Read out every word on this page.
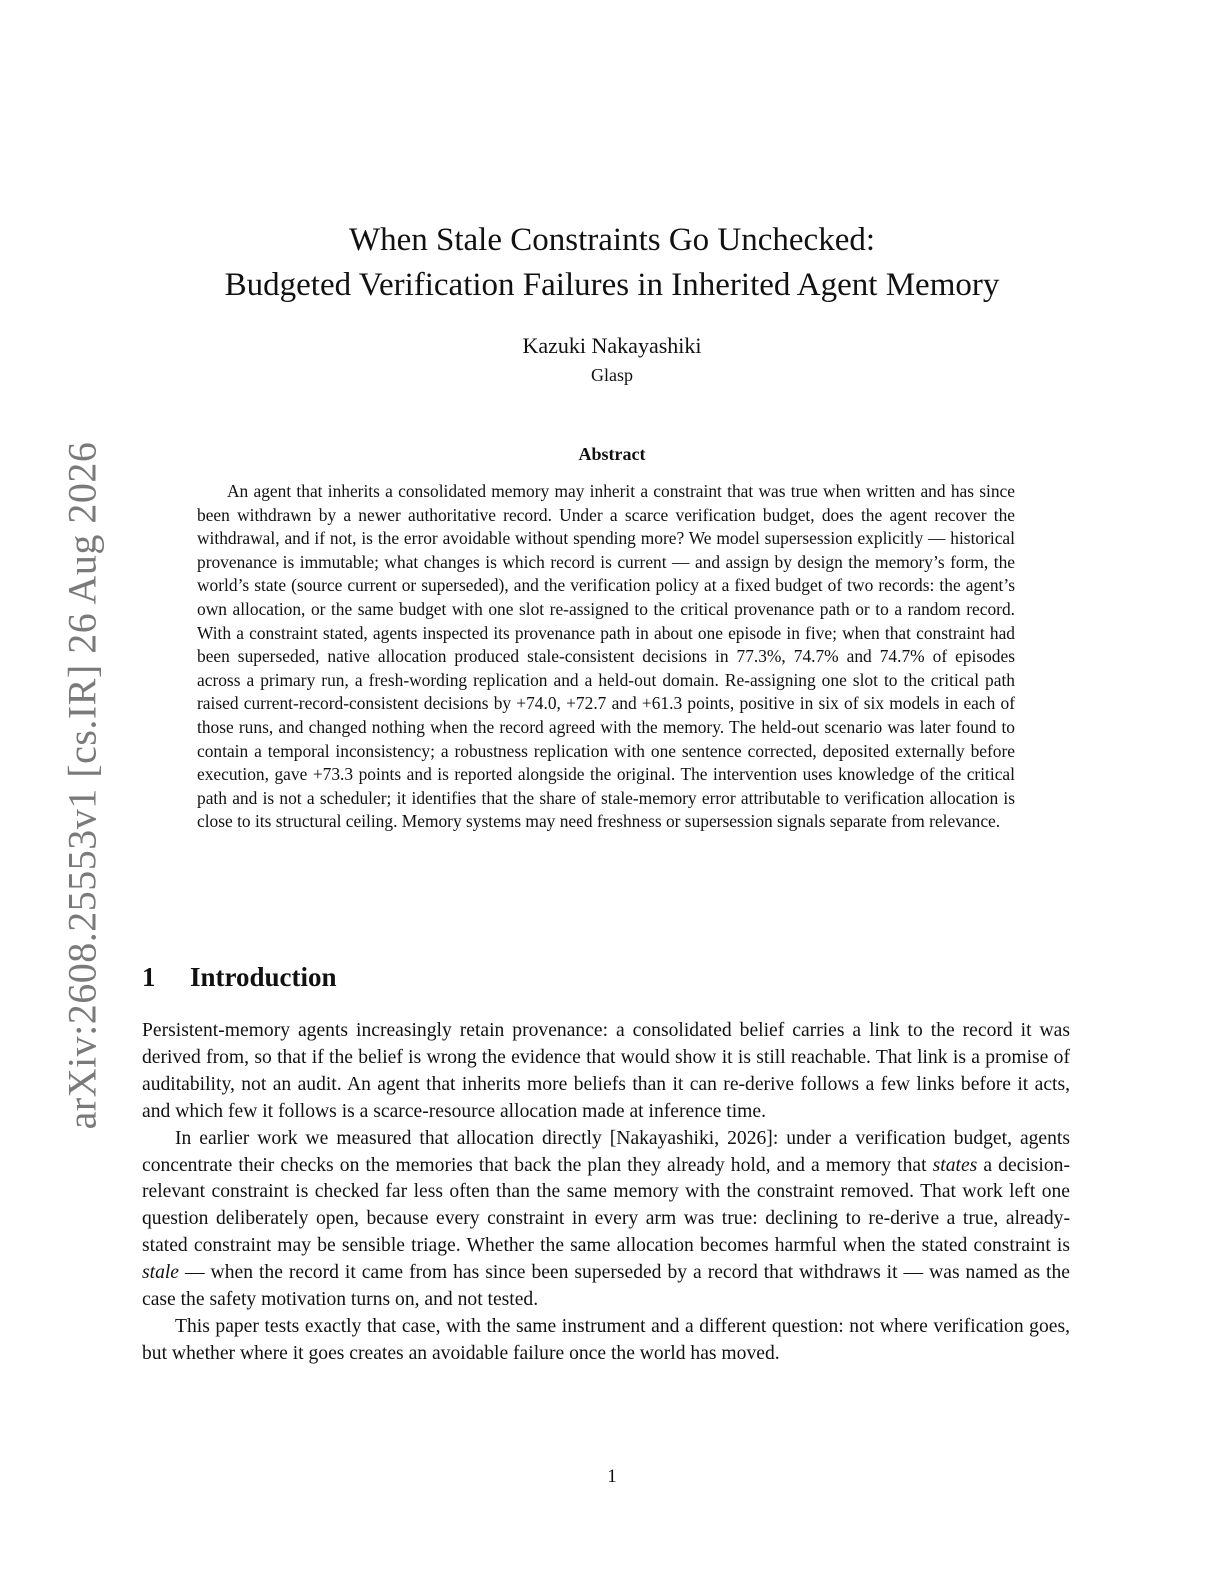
arXiv:2608.25553v1 [cs.IR] 26 Aug 2026
When Stale Constraints Go Unchecked:
Budgeted Verification Failures in Inherited Agent Memory
Kazuki Nakayashiki
Glasp
Abstract

An agent that inherits a consolidated memory may inherit a constraint that was true when written and has since been withdrawn by a newer authoritative record. Under a scarce verification budget, does the agent recover the withdrawal, and if not, is the error avoidable without spending more? We model supersession explicitly — historical provenance is immutable; what changes is which record is current — and assign by design the memory’s form, the world’s state (source current or superseded), and the verification policy at a fixed budget of two records: the agent’s own allocation, or the same budget with one slot re-assigned to the critical provenance path or to a random record. With a constraint stated, agents inspected its provenance path in about one episode in five; when that constraint had been superseded, native allocation produced stale-consistent decisions in 77.3%, 74.7% and 74.7% of episodes across a primary run, a fresh-wording replication and a held-out domain. Re-assigning one slot to the critical path raised current-record-consistent decisions by +74.0, +72.7 and +61.3 points, positive in six of six models in each of those runs, and changed nothing when the record agreed with the memory. The held-out scenario was later found to contain a temporal inconsistency; a robustness replication with one sentence corrected, deposited externally before execution, gave +73.3 points and is reported alongside the original. The intervention uses knowledge of the critical path and is not a scheduler; it identifies that the share of stale-memory error attributable to verification allocation is close to its structural ceiling. Memory systems may need freshness or supersession signals separate from relevance.

1 Introduction

Persistent-memory agents increasingly retain provenance: a consolidated belief carries a link to the record it was derived from, so that if the belief is wrong the evidence that would show it is still reachable. That link is a promise of auditability, not an audit. An agent that inherits more beliefs than it can re-derive follows a few links before it acts, and which few it follows is a scarce-resource allocation made at inference time.

In earlier work we measured that allocation directly [Nakayashiki, 2026]: under a verification budget, agents concentrate their checks on the memories that back the plan they already hold, and a memory that states a decision-relevant constraint is checked far less often than the same memory with the constraint removed. That work left one question deliberately open, because every constraint in every arm was true: declining to re-derive a true, already-stated constraint may be sensible triage. Whether the same allocation becomes harmful when the stated constraint is stale — when the record it came from has since been superseded by a record that withdraws it — was named as the case the safety motivation turns on, and not tested.

This paper tests exactly that case, with the same instrument and a different question: not where verification goes, but whether where it goes creates an avoidable failure once the world has moved.

1
